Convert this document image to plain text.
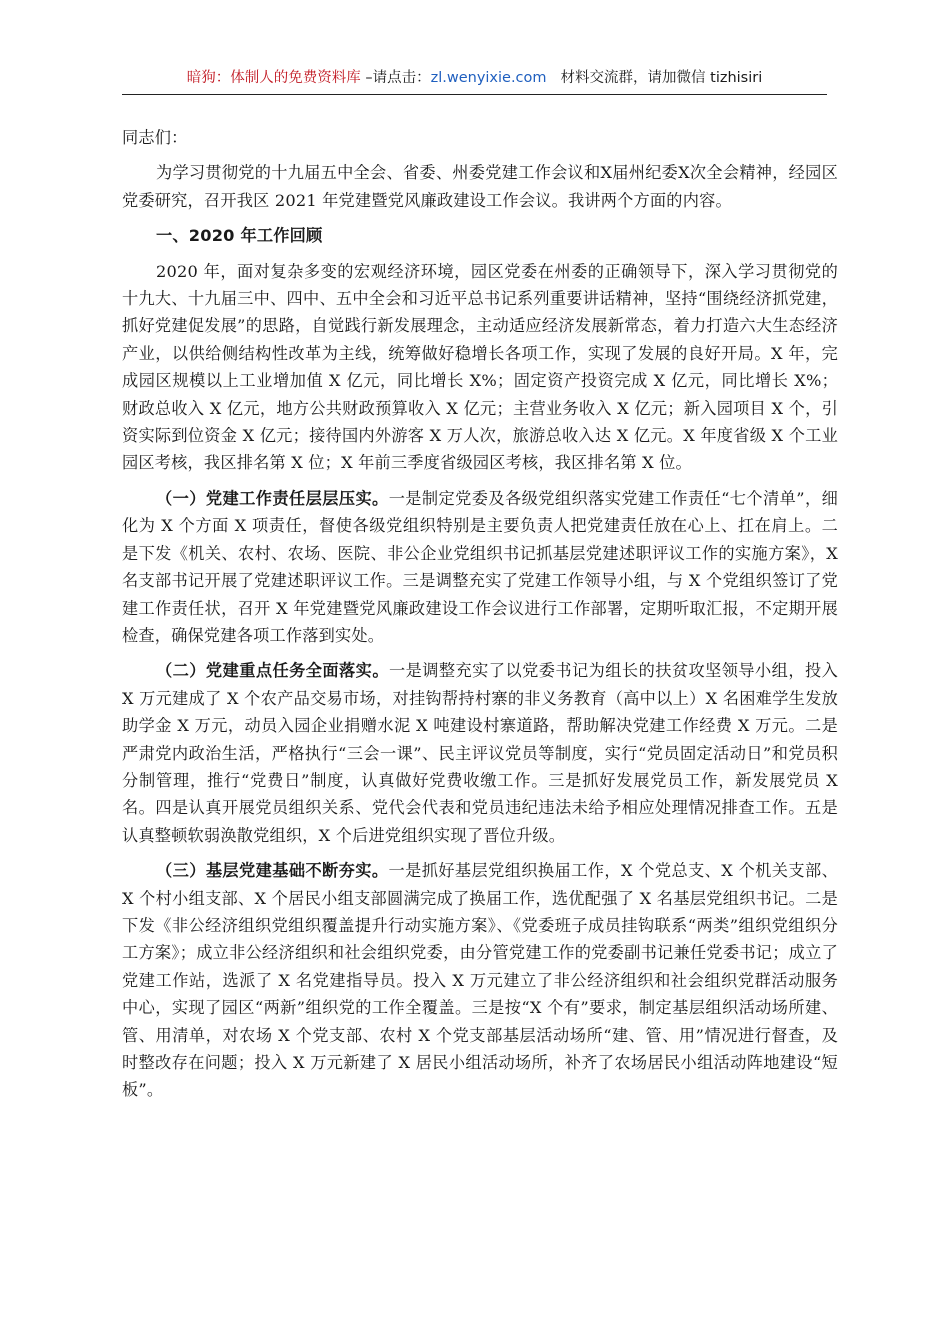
暗狗：体制人的免费资料库 –请点击：zl.wenyixie.com 材料交流群，请加微信 tizhisiri

同志们：

为学习贯彻党的十九届五中全会、省委、州委党建工作会议和X届州纪委X次全会精神，经园区党委研究，召开我区 2021 年党建暨党风廉政建设工作会议。我讲两个方面的内容。

一、2020 年工作回顾

2020 年，面对复杂多变的宏观经济环境，园区党委在州委的正确领导下，深入学习贯彻党的十九大、十九届三中、四中、五中全会和习近平总书记系列重要讲话精神，坚持“围绕经济抓党建，抓好党建促发展”的思路，自觉践行新发展理念，主动适应经济发展新常态，着力打造六大生态经济产业，以供给侧结构性改革为主线，统筹做好稳增长各项工作，实现了发展的良好开局。X 年，完成园区规模以上工业增加值 X 亿元，同比增长 X%；固定资产投资完成 X 亿元，同比增长 X%；财政总收入 X 亿元，地方公共财政预算收入 X 亿元；主营业务收入 X 亿元；新入园项目 X 个，引资实际到位资金 X 亿元；接待国内外游客 X 万人次，旅游总收入达 X 亿元。X 年度省级 X 个工业园区考核，我区排名第 X 位；X 年前三季度省级园区考核，我区排名第 X 位。

（一）党建工作责任层层压实。一是制定党委及各级党组织落实党建工作责任“七个清单”，细化为 X 个方面 X 项责任，督使各级党组织特别是主要负责人把党建责任放在心上、扛在肩上。二是下发《机关、农村、农场、医院、非公企业党组织书记抓基层党建述职评议工作的实施方案》，X 名支部书记开展了党建述职评议工作。三是调整充实了党建工作领导小组，与 X 个党组织签订了党建工作责任状，召开 X 年党建暨党风廉政建设工作会议进行工作部署，定期听取汇报，不定期开展检查，确保党建各项工作落到实处。

（二）党建重点任务全面落实。一是调整充实了以党委书记为组长的扶贫攻坚领导小组，投入 X 万元建成了 X 个农产品交易市场，对挂钩帮持村寨的非义务教育（高中以上）X 名困难学生发放助学金 X 万元，动员入园企业捐赠水泥 X 吨建设村寨道路，帮助解决党建工作经费 X 万元。二是严肃党内政治生活，严格执行“三会一课”、民主评议党员等制度，实行“党员固定活动日”和党员积分制管理，推行“党费日”制度，认真做好党费收缴工作。三是抓好发展党员工作，新发展党员 X 名。四是认真开展党员组织关系、党代会代表和党员违纪违法未给予相应处理情况排查工作。五是认真整顿软弱涣散党组织，X 个后进党组织实现了晋位升级。

（三）基层党建基础不断夯实。一是抓好基层党组织换届工作，X 个党总支、X 个机关支部、X 个村小组支部、X 个居民小组支部圆满完成了换届工作，选优配强了 X 名基层党组织书记。二是下发《非公经济组织党组织覆盖提升行动实施方案》、《党委班子成员挂钩联系“两类”组织党组织分工方案》；成立非公经济组织和社会组织党委，由分管党建工作的党委副书记兼任党委书记；成立了党建工作站，选派了 X 名党建指导员。投入 X 万元建立了非公经济组织和社会组织党群活动服务中心，实现了园区“两新”组织党的工作全覆盖。三是按“X 个有”要求，制定基层组织活动场所建、管、用清单，对农场 X 个党支部、农村 X 个党支部基层活动场所“建、管、用”情况进行督查，及时整改存在问题；投入 X 万元新建了 X 居民小组活动场所，补齐了农场居民小组活动阵地建设“短板”。
